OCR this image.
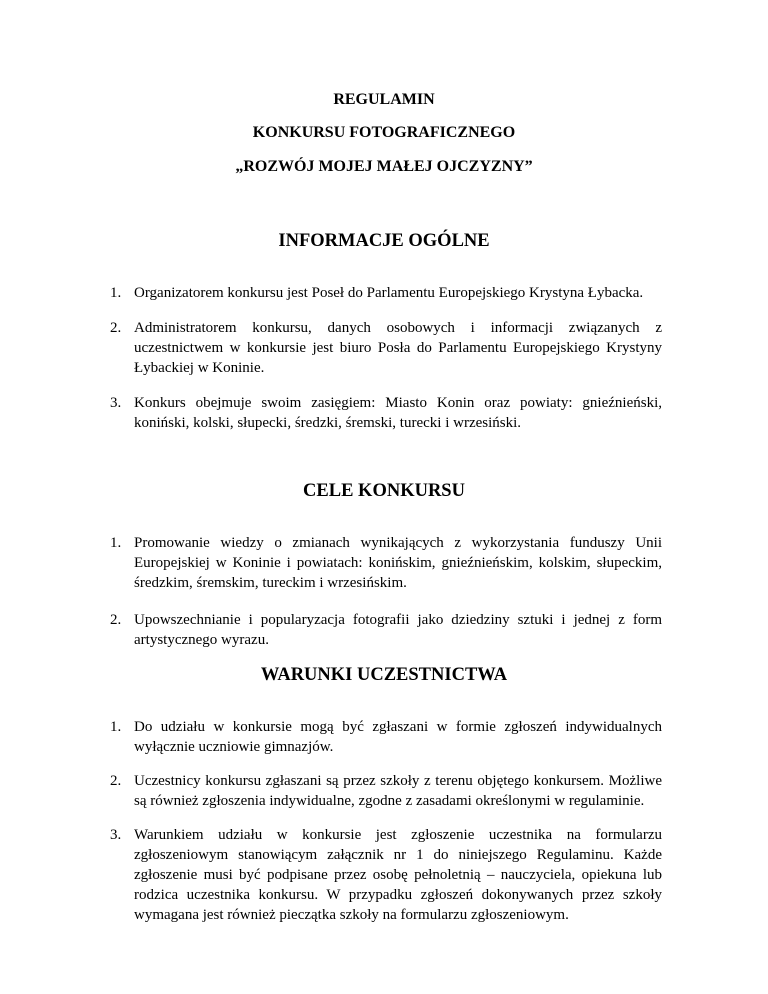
REGULAMIN
KONKURSU FOTOGRAFICZNEGO
„ROZWÓJ MOJEJ MAŁEJ OJCZYZNY”
INFORMACJE OGÓLNE
1. Organizatorem konkursu jest Poseł do Parlamentu Europejskiego Krystyna Łybacka.
2. Administratorem konkursu, danych osobowych i informacji związanych z uczestnictwem w konkursie jest biuro Posła do Parlamentu Europejskiego Krystyny Łybackiej w Koninie.
3. Konkurs obejmuje swoim zasięgiem: Miasto Konin oraz powiaty: gnieźnieński, koniński, kolski, słupecki, średzki, śremski, turecki i wrzesiński.
CELE KONKURSU
1. Promowanie wiedzy o zmianach wynikających z wykorzystania funduszy Unii Europejskiej w Koninie i powiatach: konińskim, gnieźnieńskim, kolskim, słupeckim, średzkim, śremskim, tureckim i wrzesińskim.
2. Upowszechnianie i popularyzacja fotografii jako dziedziny sztuki i jednej z form artystycznego wyrazu.
WARUNKI UCZESTNICTWA
1. Do udziału w konkursie mogą być zgłaszani w formie zgłoszeń indywidualnych wyłącznie uczniowie gimnazjów.
2. Uczestnicy konkursu zgłaszani są przez szkoły z terenu objętego konkursem. Możliwe są również zgłoszenia indywidualne, zgodne z zasadami określonymi w regulaminie.
3. Warunkiem udziału w konkursie jest zgłoszenie uczestnika na formularzu zgłoszeniowym stanowiącym załącznik nr 1 do niniejszego Regulaminu. Każde zgłoszenie musi być podpisane przez osobę pełnoletnią – nauczyciela, opiekuna lub rodzica uczestnika konkursu. W przypadku zgłoszeń dokonywanych przez szkoły wymagana jest również pieczątka szkoły na formularzu zgłoszeniowym.
